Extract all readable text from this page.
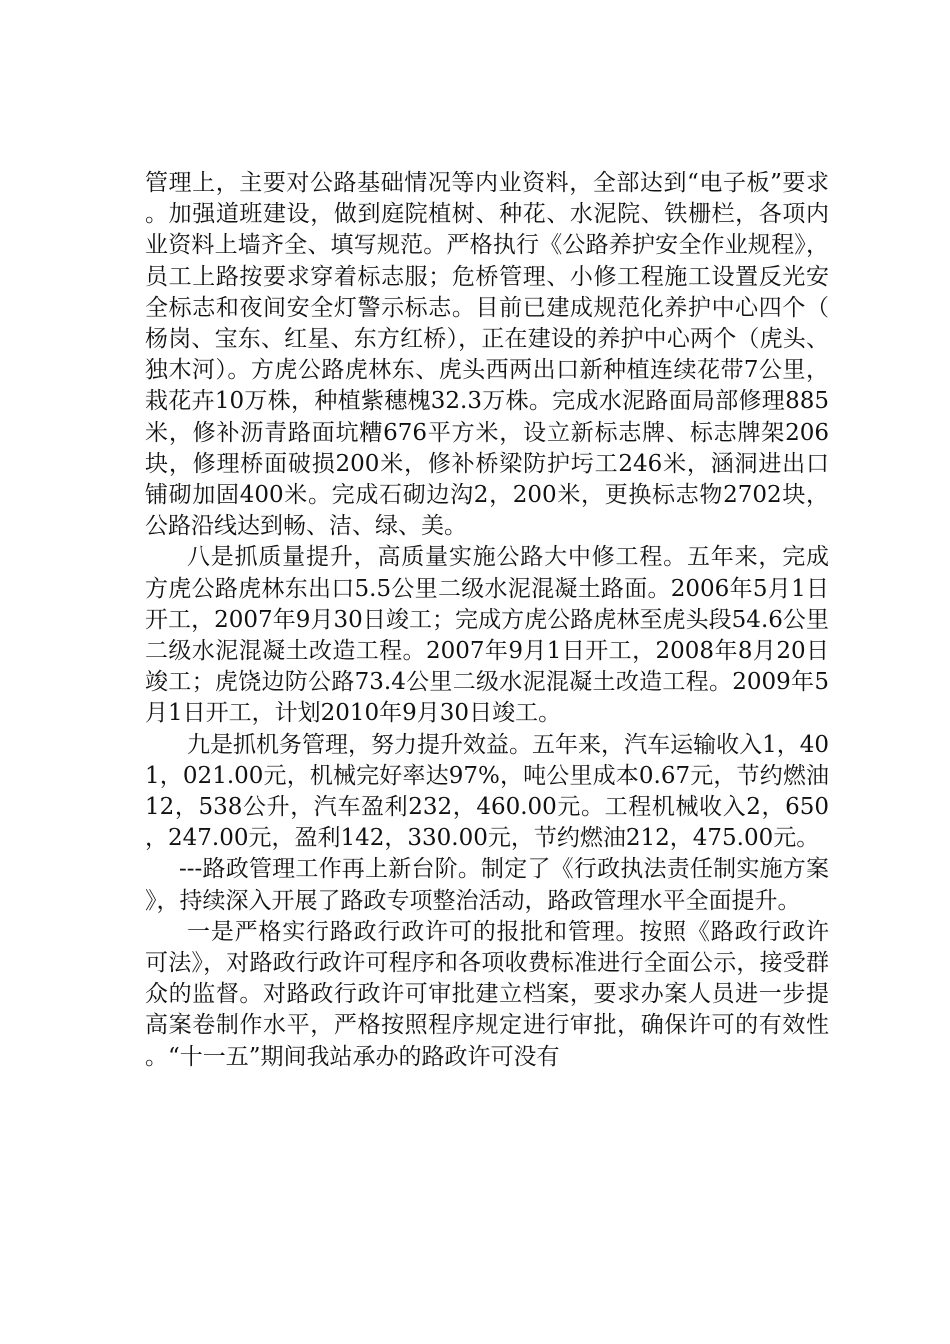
管理上，主要对公路基础情况等内业资料，全部达到“电子板”要求。加强道班建设，做到庭院植树、种花、水泥院、铁栅栏，各项内业资料上墙齐全、填写规范。严格执行《公路养护安全作业规程》，员工上路按要求穿着标志服；危桥管理、小修工程施工设置反光安全标志和夜间安全灯警示标志。目前已建成规范化养护中心四个（杨岗、宝东、红星、东方红桥），正在建设的养护中心两个（虎头、独木河）。方虎公路虎林东、虎头西两出口新种植连续花带7公里，栽花卉10万株，种植紫穗槐32.3万株。完成水泥路面局部修理885米，修补沥青路面坑糟676平方米，设立新标志牌、标志牌架206块，修理桥面破损200米，修补桥梁防护圬工246米，涵洞进出口铺砌加固400米。完成石砌边沟2，200米，更换标志物2702块，公路沿线达到畅、洁、绿、美。

八是抓质量提升，高质量实施公路大中修工程。五年来，完成方虎公路虎林东出口5.5公里二级水泥混凝土路面。2006年5月1日开工，2007年9月30日竣工；完成方虎公路虎林至虎头段54.6公里二级水泥混凝土改造工程。2007年9月1日开工，2008年8月20日竣工；虎饶边防公路73.4公里二级水泥混凝土改造工程。2009年5月1日开工，计划2010年9月30日竣工。

九是抓机务管理，努力提升效益。五年来，汽车运输收入1，401，021.00元，机械完好率达97%，吨公里成本0.67元，节约燃油12，538公升，汽车盈利232，460.00元。工程机械收入2，650，247.00元，盈利142，330.00元，节约燃油212，475.00元。

---路政管理工作再上新台阶。制定了《行政执法责任制实施方案》，持续深入开展了路政专项整治活动，路政管理水平全面提升。

一是严格实行路政行政许可的报批和管理。按照《路政行政许可法》，对路政行政许可程序和各项收费标准进行全面公示，接受群众的监督。对路政行政许可审批建立档案，要求办案人员进一步提高案卷制作水平，严格按照程序规定进行审批，确保许可的有效性。“十一五”期间我站承办的路政许可没有
